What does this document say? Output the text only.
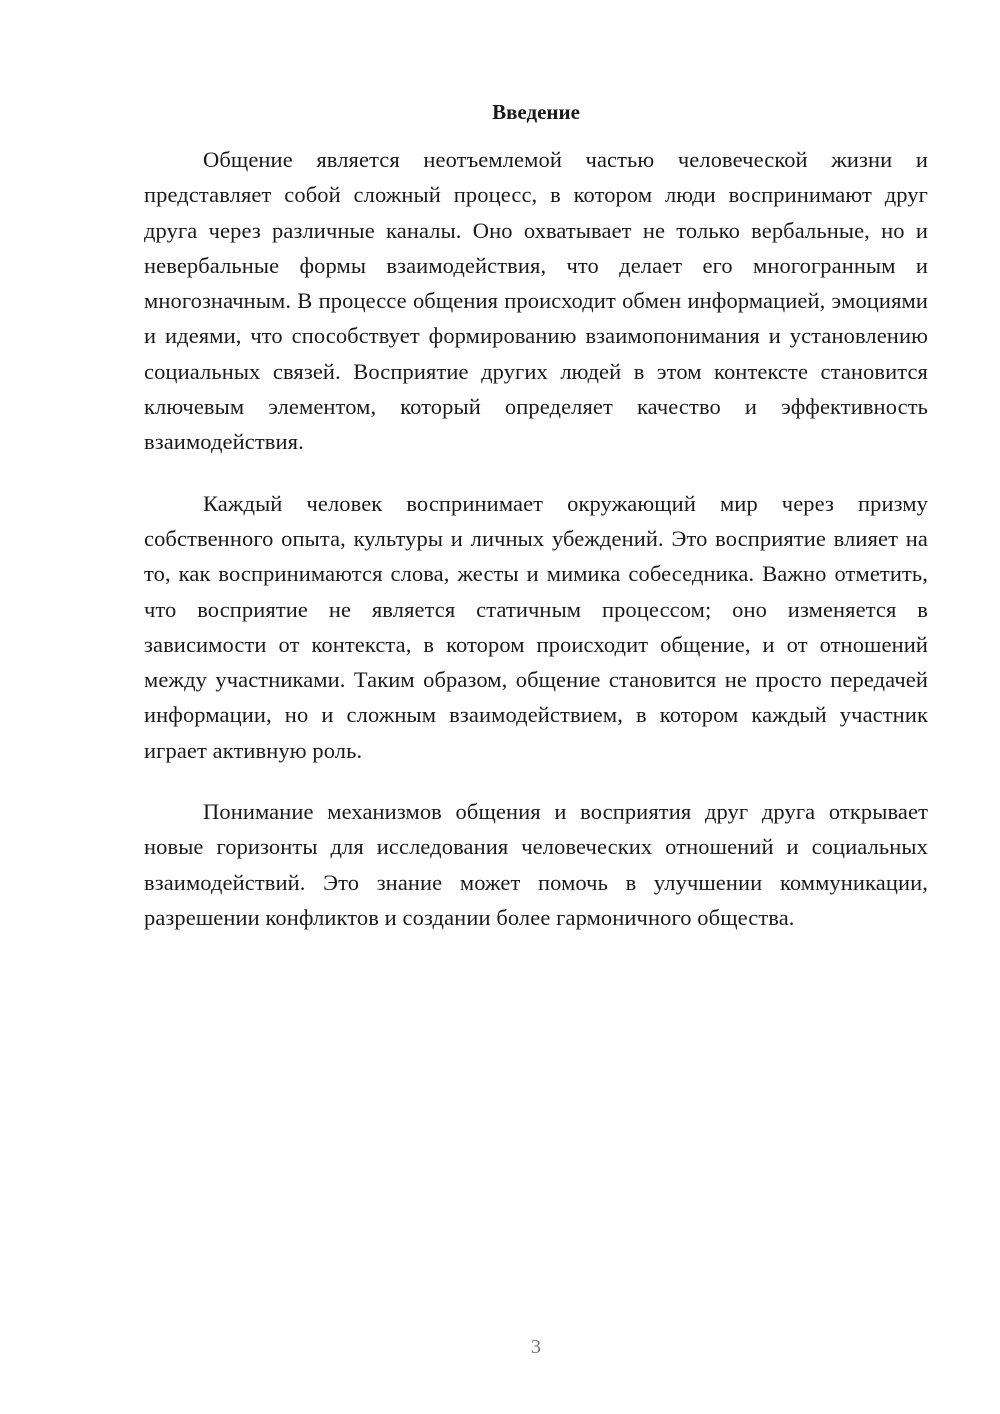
Введение

Общение является неотъемлемой частью человеческой жизни и представляет собой сложный процесс, в котором люди воспринимают друг друга через различные каналы. Оно охватывает не только вербальные, но и невербальные формы взаимодействия, что делает его многогранным и многозначным. В процессе общения происходит обмен информацией, эмоциями и идеями, что способствует формированию взаимопонимания и установлению социальных связей. Восприятие других людей в этом контексте становится ключевым элементом, который определяет качество и эффективность взаимодействия.

Каждый человек воспринимает окружающий мир через призму собственного опыта, культуры и личных убеждений. Это восприятие влияет на то, как воспринимаются слова, жесты и мимика собеседника. Важно отметить, что восприятие не является статичным процессом; оно изменяется в зависимости от контекста, в котором происходит общение, и от отношений между участниками. Таким образом, общение становится не просто передачей информации, но и сложным взаимодействием, в котором каждый участник играет активную роль.

Понимание механизмов общения и восприятия друг друга открывает новые горизонты для исследования человеческих отношений и социальных взаимодействий. Это знание может помочь в улучшении коммуникации, разрешении конфликтов и создании более гармоничного общества.

3
